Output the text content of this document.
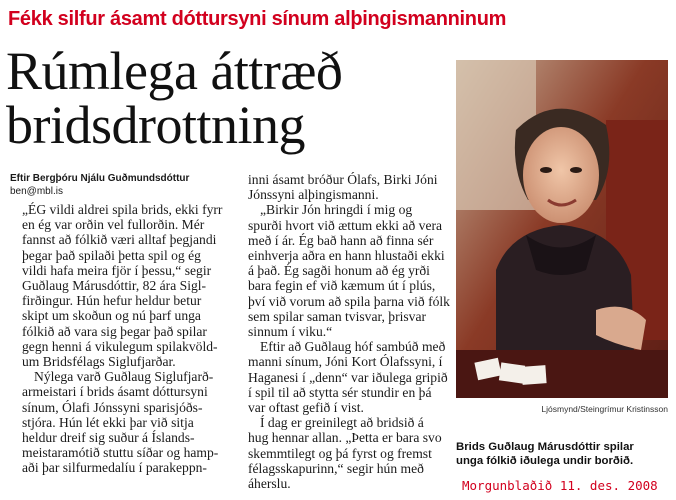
Fékk silfur ásamt dóttursyni sínum alþingismanninum
Rúmlega áttræð
bridsdrottning
Eftir Bergþóru Njálu Guðmundsdóttur
ben@mbl.is

„ÉG vildi aldrei spila brids, ekki fyrr
en ég var orðin vel fullorðin. Mér
fannst að fólkið væri alltaf þegjandi
þegar það spilaði þetta spil og ég
vildi hafa meira fjör í þessu,“ segir
Guðlaug Márusdóttir, 82 ára Sigl-
firðingur. Hún hefur heldur betur
skipt um skoðun og nú þarf unga
fólkið að vara sig þegar það spilar
gegn henni á vikulegum spilakvöld-
um Bridsfélags Siglufjarðar.

Nýlega varð Guðlaug Siglufjarð-
armeistari í brids ásamt dóttursyni
sínum, Ólafi Jónssyni sparisjóðs-
stjóra. Hún lét ekki þar við sitja
heldur dreif sig suður á Íslands-
meistaramótið stuttu síðar og hamp-
aði þar silfurmedalíu í parakeppn-

inni ásamt bróður Ólafs, Birki Jóni
Jónssyni alþingismanni.

„Birkir Jón hringdi í mig og
spurði hvort við ættum ekki að vera
með í ár. Ég bað hann að finna sér
einhverja aðra en hann hlustaði ekki
á það. Ég sagði honum að ég yrði
bara fegin ef við kæmum út í plús,
því við vorum að spila þarna við fólk
sem spilar saman tvisvar, þrisvar
sinnum í viku.“

Eftir að Guðlaug hóf sambúð með
manni sínum, Jóni Kort Ólafssyni, í
Haganesi í „denn“ var iðulega gripið
í spil til að stytta sér stundir en þá
var oftast gefið í vist.

Í dag er greinilegt að bridsið á
hug hennar allan. „Þetta er bara svo
skemmtilegt og þá fyrst og fremst
félagsskapurinn,“ segir hún með
áherslu.

Ljósmynd/Steingrímur Kristinsson
Brids Guðlaug Márusdóttir spilar
unga fólkið iðulega undir borðið.
Morgunblaðið 11. des. 2008
